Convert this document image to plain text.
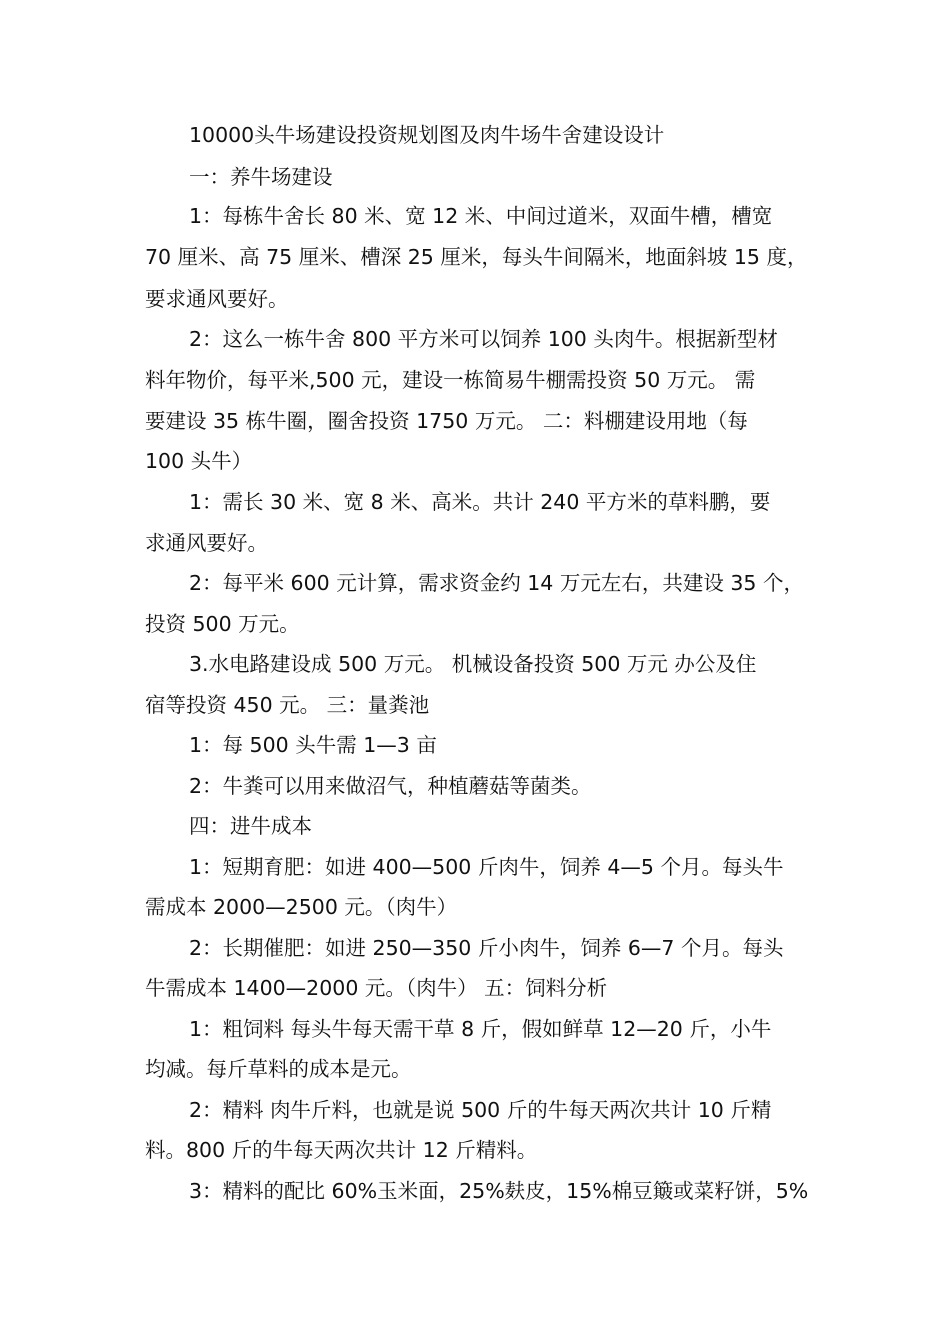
10000头牛场建设投资规划图及肉牛场牛舍建设设计
一：养牛场建设
1：每栋牛舍长 80 米、宽 12 米、中间过道米，双面牛槽，槽宽
70 厘米、高 75 厘米、槽深 25 厘米，每头牛间隔米，地面斜坡 15 度，
要求通风要好。
2：这么一栋牛舍 800 平方米可以饲养 100 头肉牛。根据新型材
料年物价，每平米,500 元，建设一栋简易牛棚需投资 50 万元。 需
要建设 35 栋牛圈，圈舍投资 1750 万元。 二：料棚建设用地（每
100 头牛）
1：需长 30 米、宽 8 米、高米。共计 240 平方米的草料鹏，要
求通风要好。
2：每平米 600 元计算，需求资金约 14 万元左右，共建设 35 个，
投资 500 万元。
3.水电路建设成 500 万元。 机械设备投资 500 万元 办公及住
宿等投资 450 元。 三：量粪池
1：每 500 头牛需 1—3 亩
2：牛粪可以用来做沼气，种植蘑菇等菌类。
四：进牛成本
1：短期育肥：如进 400—500 斤肉牛，饲养 4—5 个月。每头牛
需成本 2000—2500 元。（肉牛）
2：长期催肥：如进 250—350 斤小肉牛，饲养 6—7 个月。每头
牛需成本 1400—2000 元。（肉牛） 五：饲料分析
1：粗饲料 每头牛每天需干草 8 斤，假如鲜草 12—20 斤，小牛
均减。每斤草料的成本是元。
2：精料 肉牛斤料，也就是说 500 斤的牛每天两次共计 10 斤精
料。800 斤的牛每天两次共计 12 斤精料。
3：精料的配比 60%玉米面，25%麸皮，15%棉豆簸或菜籽饼，5%
